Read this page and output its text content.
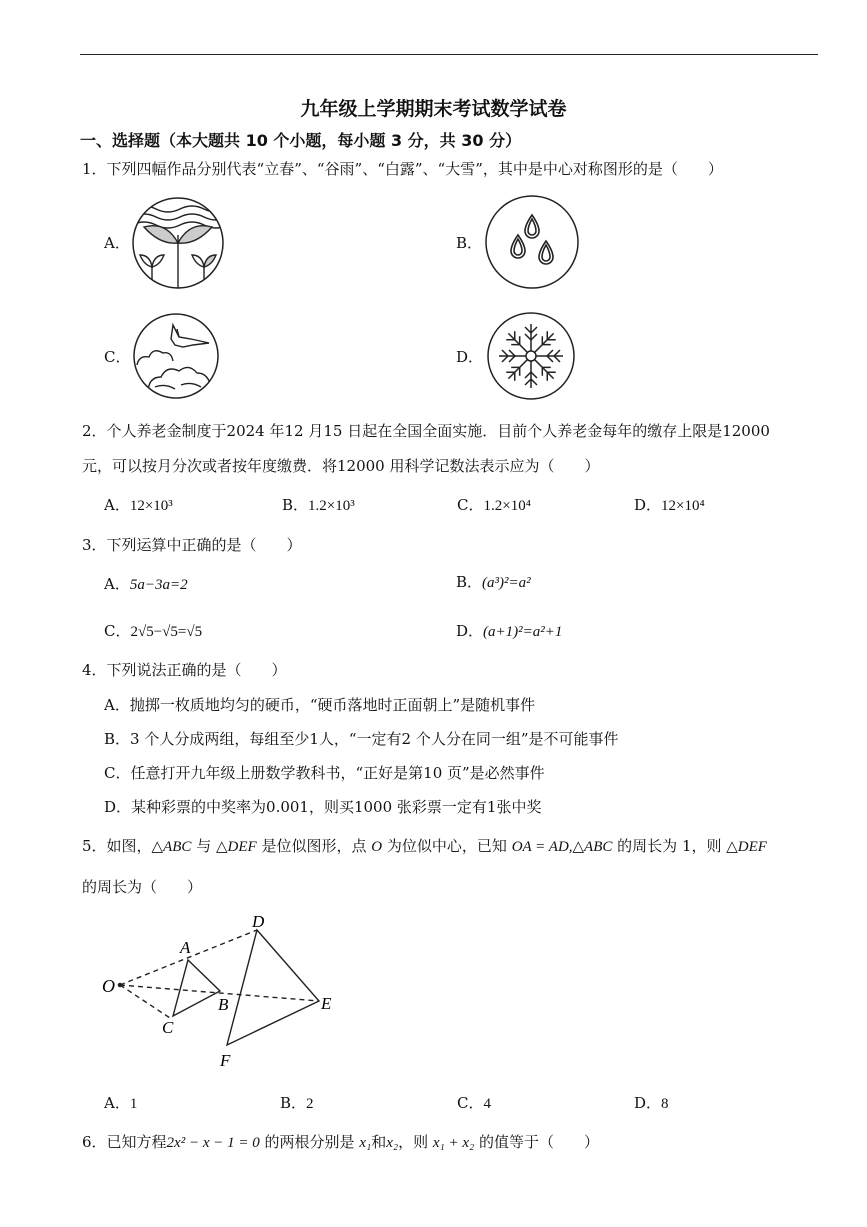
九年级上学期期末考试数学试卷
一、选择题（本大题共 10 个小题，每小题 3 分，共 30 分）
1．下列四幅作品分别代表“立春”、“谷雨”、“白露”、“大雪”，其中是中心对称图形的是（　　）
A．	B．
C．	D．
2．个人养老金制度于2024 年12 月15 日起在全国全面实施．目前个人养老金每年的缴存上限是12000
元，可以按月分次或者按年度缴费．将12000 用科学记数法表示应为（　　）
A．12×10³	B．1.2×10³	C．1.2×10⁴	D．12×10⁴
3．下列运算中正确的是（　　）
A．5a−3a=2	B．(a³)²=a²
C．2√5−√5=√5	D．(a+1)²=a²+1
4．下列说法正确的是（　　）
A．抛掷一枚质地均匀的硬币，“硬币落地时正面朝上”是随机事件
B．3 个人分成两组，每组至少1人，“一定有2 个人分在同一组”是不可能事件
C．任意打开九年级上册数学教科书，“正好是第10 页”是必然事件
D．某种彩票的中奖率为0.001，则买1000 张彩票一定有1张中奖
5．如图，△ABC 与 △DEF 是位似图形，点 O 为位似中心，已知 OA = AD,△ABC 的周长为 1，则 △DEF
的周长为（　　）
O
A
B
C
D
E
F
A．1	B．2	C．4	D．8
6．已知方程2x² − x − 1 = 0 的两根分别是 x₁和x₂，则 x₁ + x₂ 的值等于（　　）
